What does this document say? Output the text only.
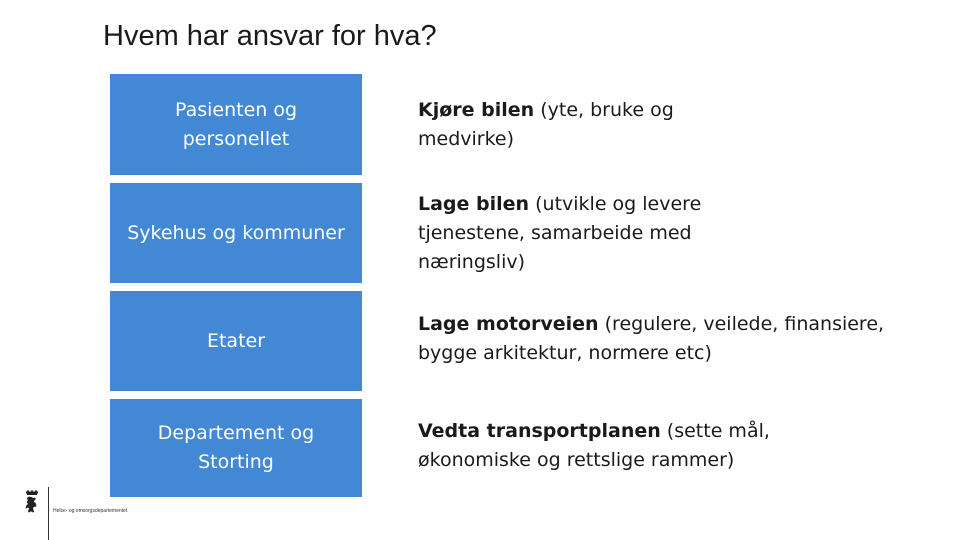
Hvem har ansvar for hva?
Pasienten og
personellet
Sykehus og kommuner
Etater
Departement og
Storting
Kjøre bilen (yte, bruke og medvirke)
Lage bilen (utvikle og levere tjenestene, samarbeide med næringsliv)
Lage motorveien (regulere, veilede, finansiere, bygge arkitektur, normere etc)
Vedta transportplanen (sette mål, økonomiske og rettslige rammer)
Helse- og omsorgsdepartementet
